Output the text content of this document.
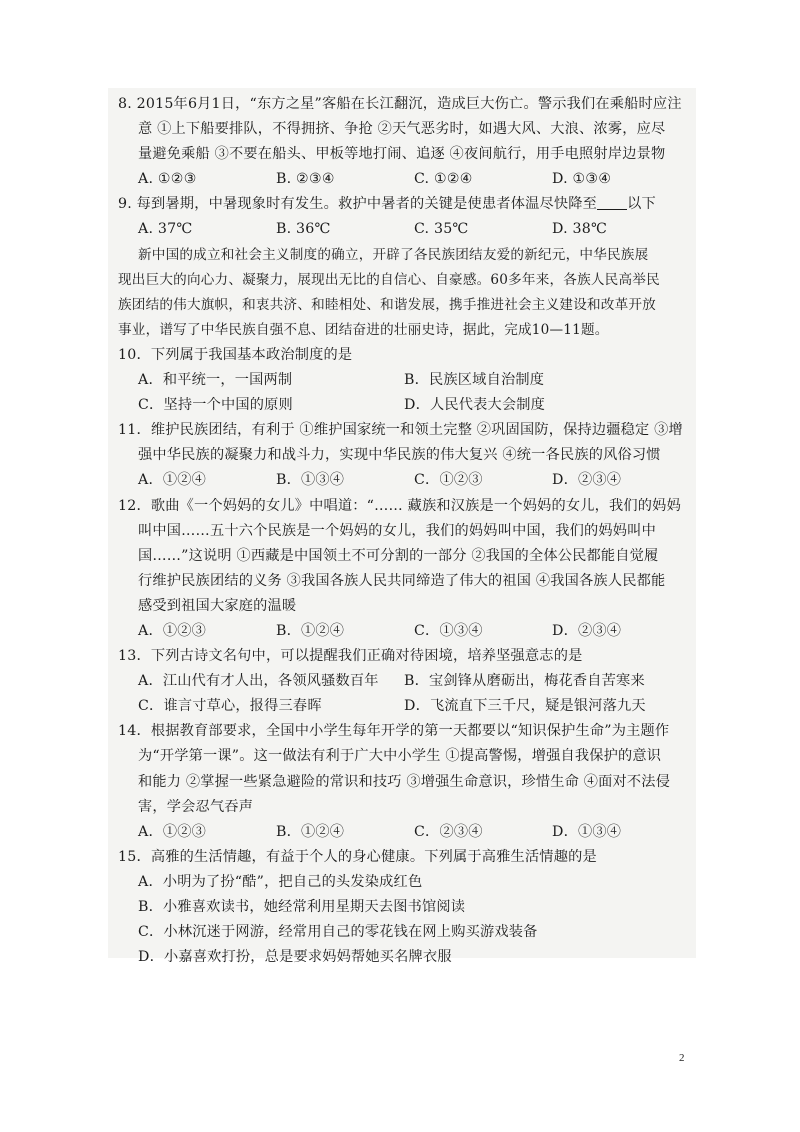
8. 2015年6月1日，“东方之星”客船在长江翻沉，造成巨大伤亡。警示我们在乘船时应注
意 ①上下船要排队，不得拥挤、争抢 ②天气恶劣时，如遇大风、大浪、浓雾，应尽
量避免乘船 ③不要在船头、甲板等地打闹、追逐 ④夜间航行，用手电照射岸边景物
A. ①②③	B. ②③④	C. ①②④	D. ①③④
9. 每到暑期，中暑现象时有发生。救护中暑者的关键是使患者体温尽快降至 以下
A. 37℃	B. 36℃	C. 35℃	D. 38℃
新中国的成立和社会主义制度的确立，开辟了各民族团结友爱的新纪元，中华民族展
现出巨大的向心力、凝聚力，展现出无比的自信心、自豪感。60多年来，各族人民高举民
族团结的伟大旗帜，和衷共济、和睦相处、和谐发展，携手推进社会主义建设和改革开放
事业，谱写了中华民族自强不息、团结奋进的壮丽史诗，据此，完成10—11题。
10．下列属于我国基本政治制度的是
A．和平统一，一国两制	B．民族区域自治制度
C．坚持一个中国的原则	D．人民代表大会制度
11．维护民族团结，有利于 ①维护国家统一和领土完整 ②巩固国防，保持边疆稳定 ③增
强中华民族的凝聚力和战斗力，实现中华民族的伟大复兴 ④统一各民族的风俗习惯
A．①②④	B．①③④	C．①②③	D．②③④
12．歌曲《一个妈妈的女儿》中唱道：“…… 藏族和汉族是一个妈妈的女儿，我们的妈妈
叫中国……五十六个民族是一个妈妈的女儿，我们的妈妈叫中国，我们的妈妈叫中
国……”这说明 ①西藏是中国领土不可分割的一部分 ②我国的全体公民都能自觉履
行维护民族团结的义务 ③我国各族人民共同缔造了伟大的祖国 ④我国各族人民都能
感受到祖国大家庭的温暖
A．①②③	B．①②④	C．①③④	D．②③④
13．下列古诗文名句中，可以提醒我们正确对待困境，培养坚强意志的是
A．江山代有才人出，各领风骚数百年	B．宝剑锋从磨砺出，梅花香自苦寒来
C．谁言寸草心，报得三春晖	D．飞流直下三千尺，疑是银河落九天
14．根据教育部要求，全国中小学生每年开学的第一天都要以“知识保护生命”为主题作
为“开学第一课”。这一做法有利于广大中小学生 ①提高警惕，增强自我保护的意识
和能力 ②掌握一些紧急避险的常识和技巧 ③增强生命意识，珍惜生命 ④面对不法侵
害，学会忍气吞声
A．①②③	B．①②④	C．②③④	D．①③④
15．高雅的生活情趣，有益于个人的身心健康。下列属于高雅生活情趣的是
A．小明为了扮“酷”，把自己的头发染成红色
B．小雅喜欢读书，她经常利用星期天去图书馆阅读
C．小林沉迷于网游，经常用自己的零花钱在网上购买游戏装备
D．小嘉喜欢打扮，总是要求妈妈帮她买名牌衣服
2
